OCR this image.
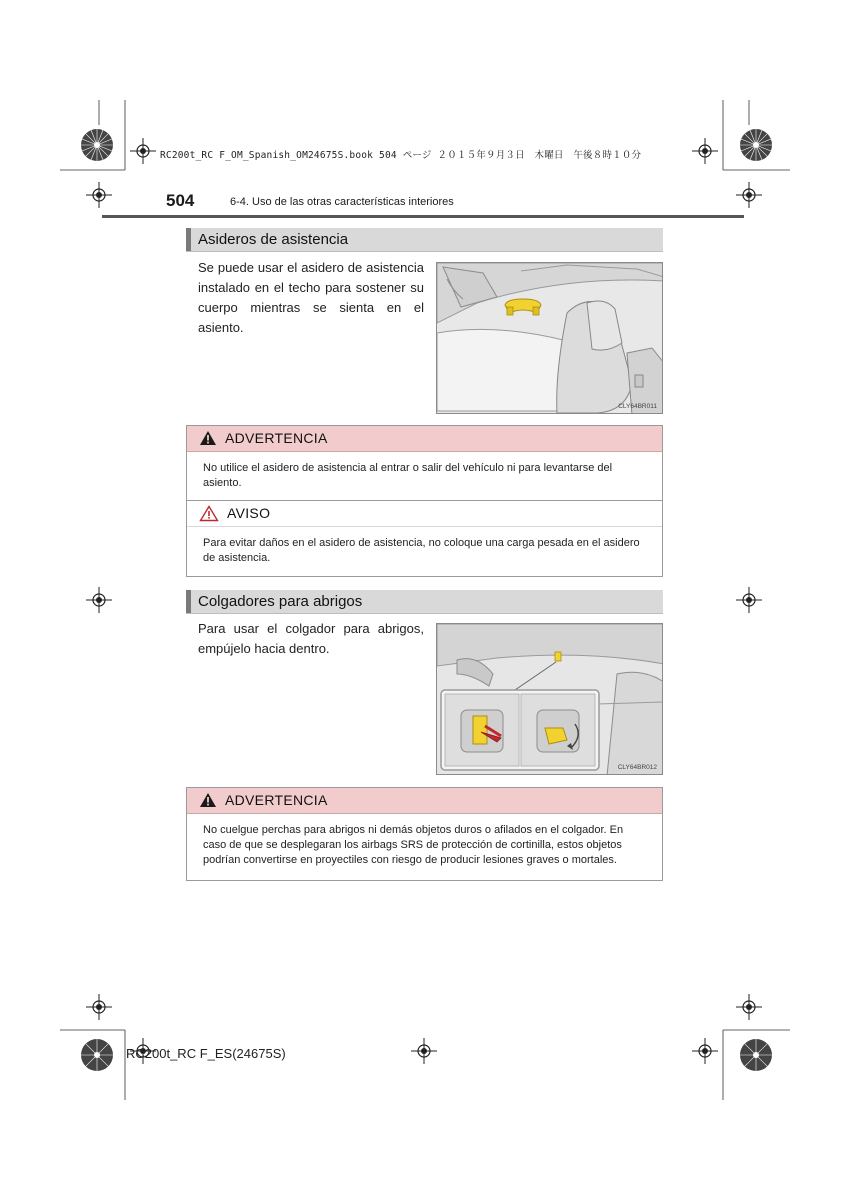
RC200t_RC F_OM_Spanish_OM24675S.book 504 ページ ２０１５年９月３日　木曜日　午後８時１０分
504	6-4. Uso de las otras características interiores
Asideros de asistencia
Se puede usar el asidero de asistencia instalado en el techo para sostener su cuerpo mientras se sienta en el asiento.
CLY64BR011
ADVERTENCIA
No utilice el asidero de asistencia al entrar o salir del vehículo ni para levantarse del asiento.
AVISO
Para evitar daños en el asidero de asistencia, no coloque una carga pesada en el asidero de asistencia.
Colgadores para abrigos
Para usar el colgador para abrigos, empújelo hacia dentro.
CLY64BR012
ADVERTENCIA
No cuelgue perchas para abrigos ni demás objetos duros o afilados en el colgador. En caso de que se desplegaran los airbags SRS de protección de cortinilla, estos objetos podrían convertirse en proyectiles con riesgo de producir lesiones graves o mortales.
RC200t_RC F_ES(24675S)
